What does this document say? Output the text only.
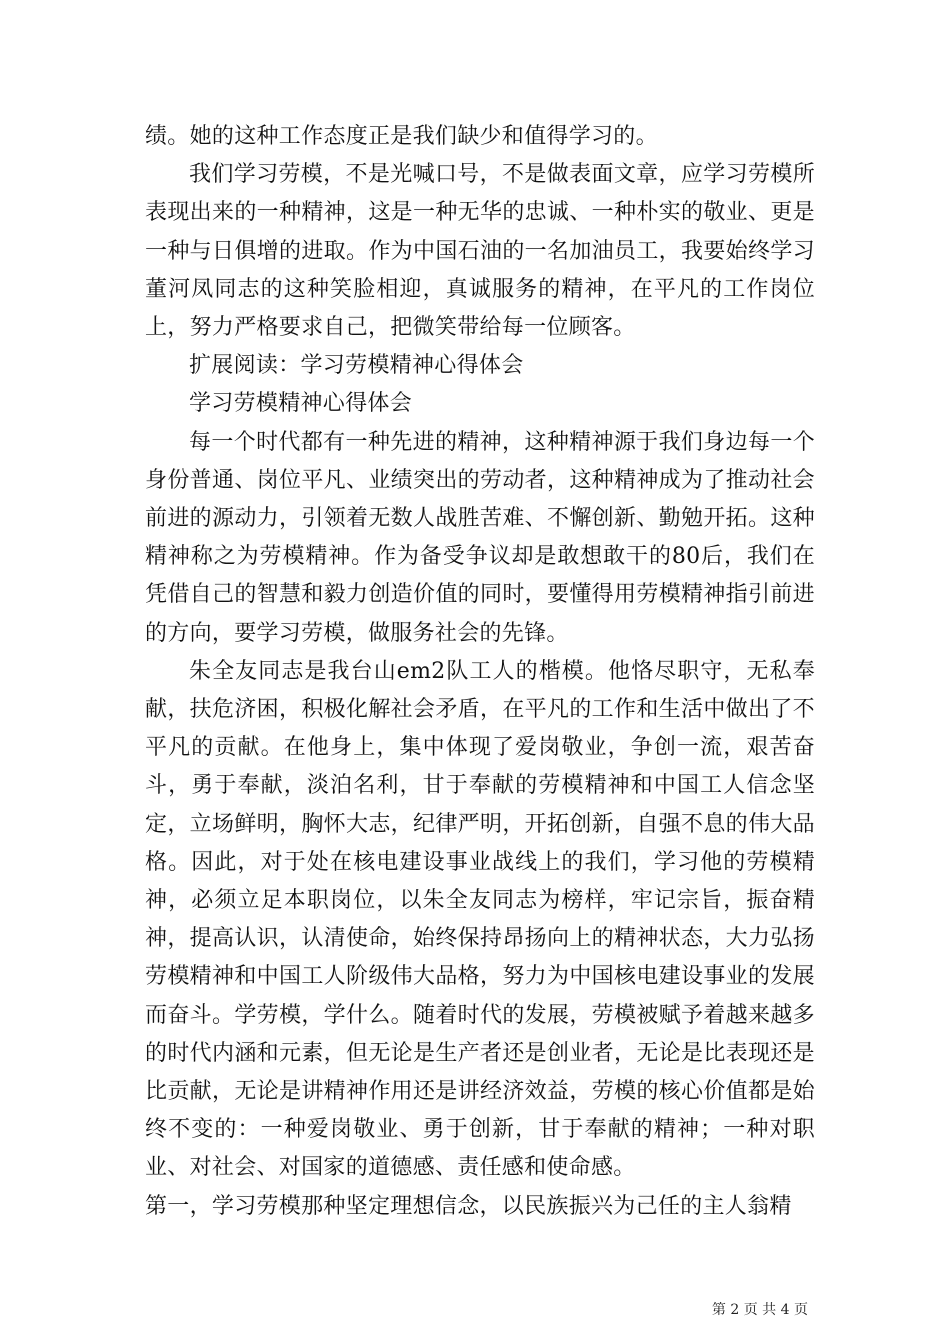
绩。她的这种工作态度正是我们缺少和值得学习的。

我们学习劳模，不是光喊口号，不是做表面文章，应学习劳模所表现出来的一种精神，这是一种无华的忠诚、一种朴实的敬业、更是一种与日俱增的进取。作为中国石油的一名加油员工，我要始终学习董河凤同志的这种笑脸相迎，真诚服务的精神，在平凡的工作岗位上，努力严格要求自己，把微笑带给每一位顾客。

扩展阅读：学习劳模精神心得体会

学习劳模精神心得体会

每一个时代都有一种先进的精神，这种精神源于我们身边每一个身份普通、岗位平凡、业绩突出的劳动者，这种精神成为了推动社会前进的源动力，引领着无数人战胜苦难、不懈创新、勤勉开拓。这种精神称之为劳模精神。作为备受争议却是敢想敢干的80后，我们在凭借自己的智慧和毅力创造价值的同时，要懂得用劳模精神指引前进的方向，要学习劳模，做服务社会的先锋。

朱全友同志是我台山em2队工人的楷模。他恪尽职守，无私奉献，扶危济困，积极化解社会矛盾，在平凡的工作和生活中做出了不平凡的贡献。在他身上，集中体现了爱岗敬业，争创一流，艰苦奋斗，勇于奉献，淡泊名利，甘于奉献的劳模精神和中国工人信念坚定，立场鲜明，胸怀大志，纪律严明，开拓创新，自强不息的伟大品格。因此，对于处在核电建设事业战线上的我们，学习他的劳模精神，必须立足本职岗位，以朱全友同志为榜样，牢记宗旨，振奋精神，提高认识，认清使命，始终保持昂扬向上的精神状态，大力弘扬劳模精神和中国工人阶级伟大品格，努力为中国核电建设事业的发展而奋斗。学劳模，学什么。随着时代的发展，劳模被赋予着越来越多的时代内涵和元素，但无论是生产者还是创业者，无论是比表现还是比贡献，无论是讲精神作用还是讲经济效益，劳模的核心价值都是始终不变的：一种爱岗敬业、勇于创新，甘于奉献的精神；一种对职业、对社会、对国家的道德感、责任感和使命感。

第一，学习劳模那种坚定理想信念，以民族振兴为己任的主人翁精

第 2 页 共 4 页
